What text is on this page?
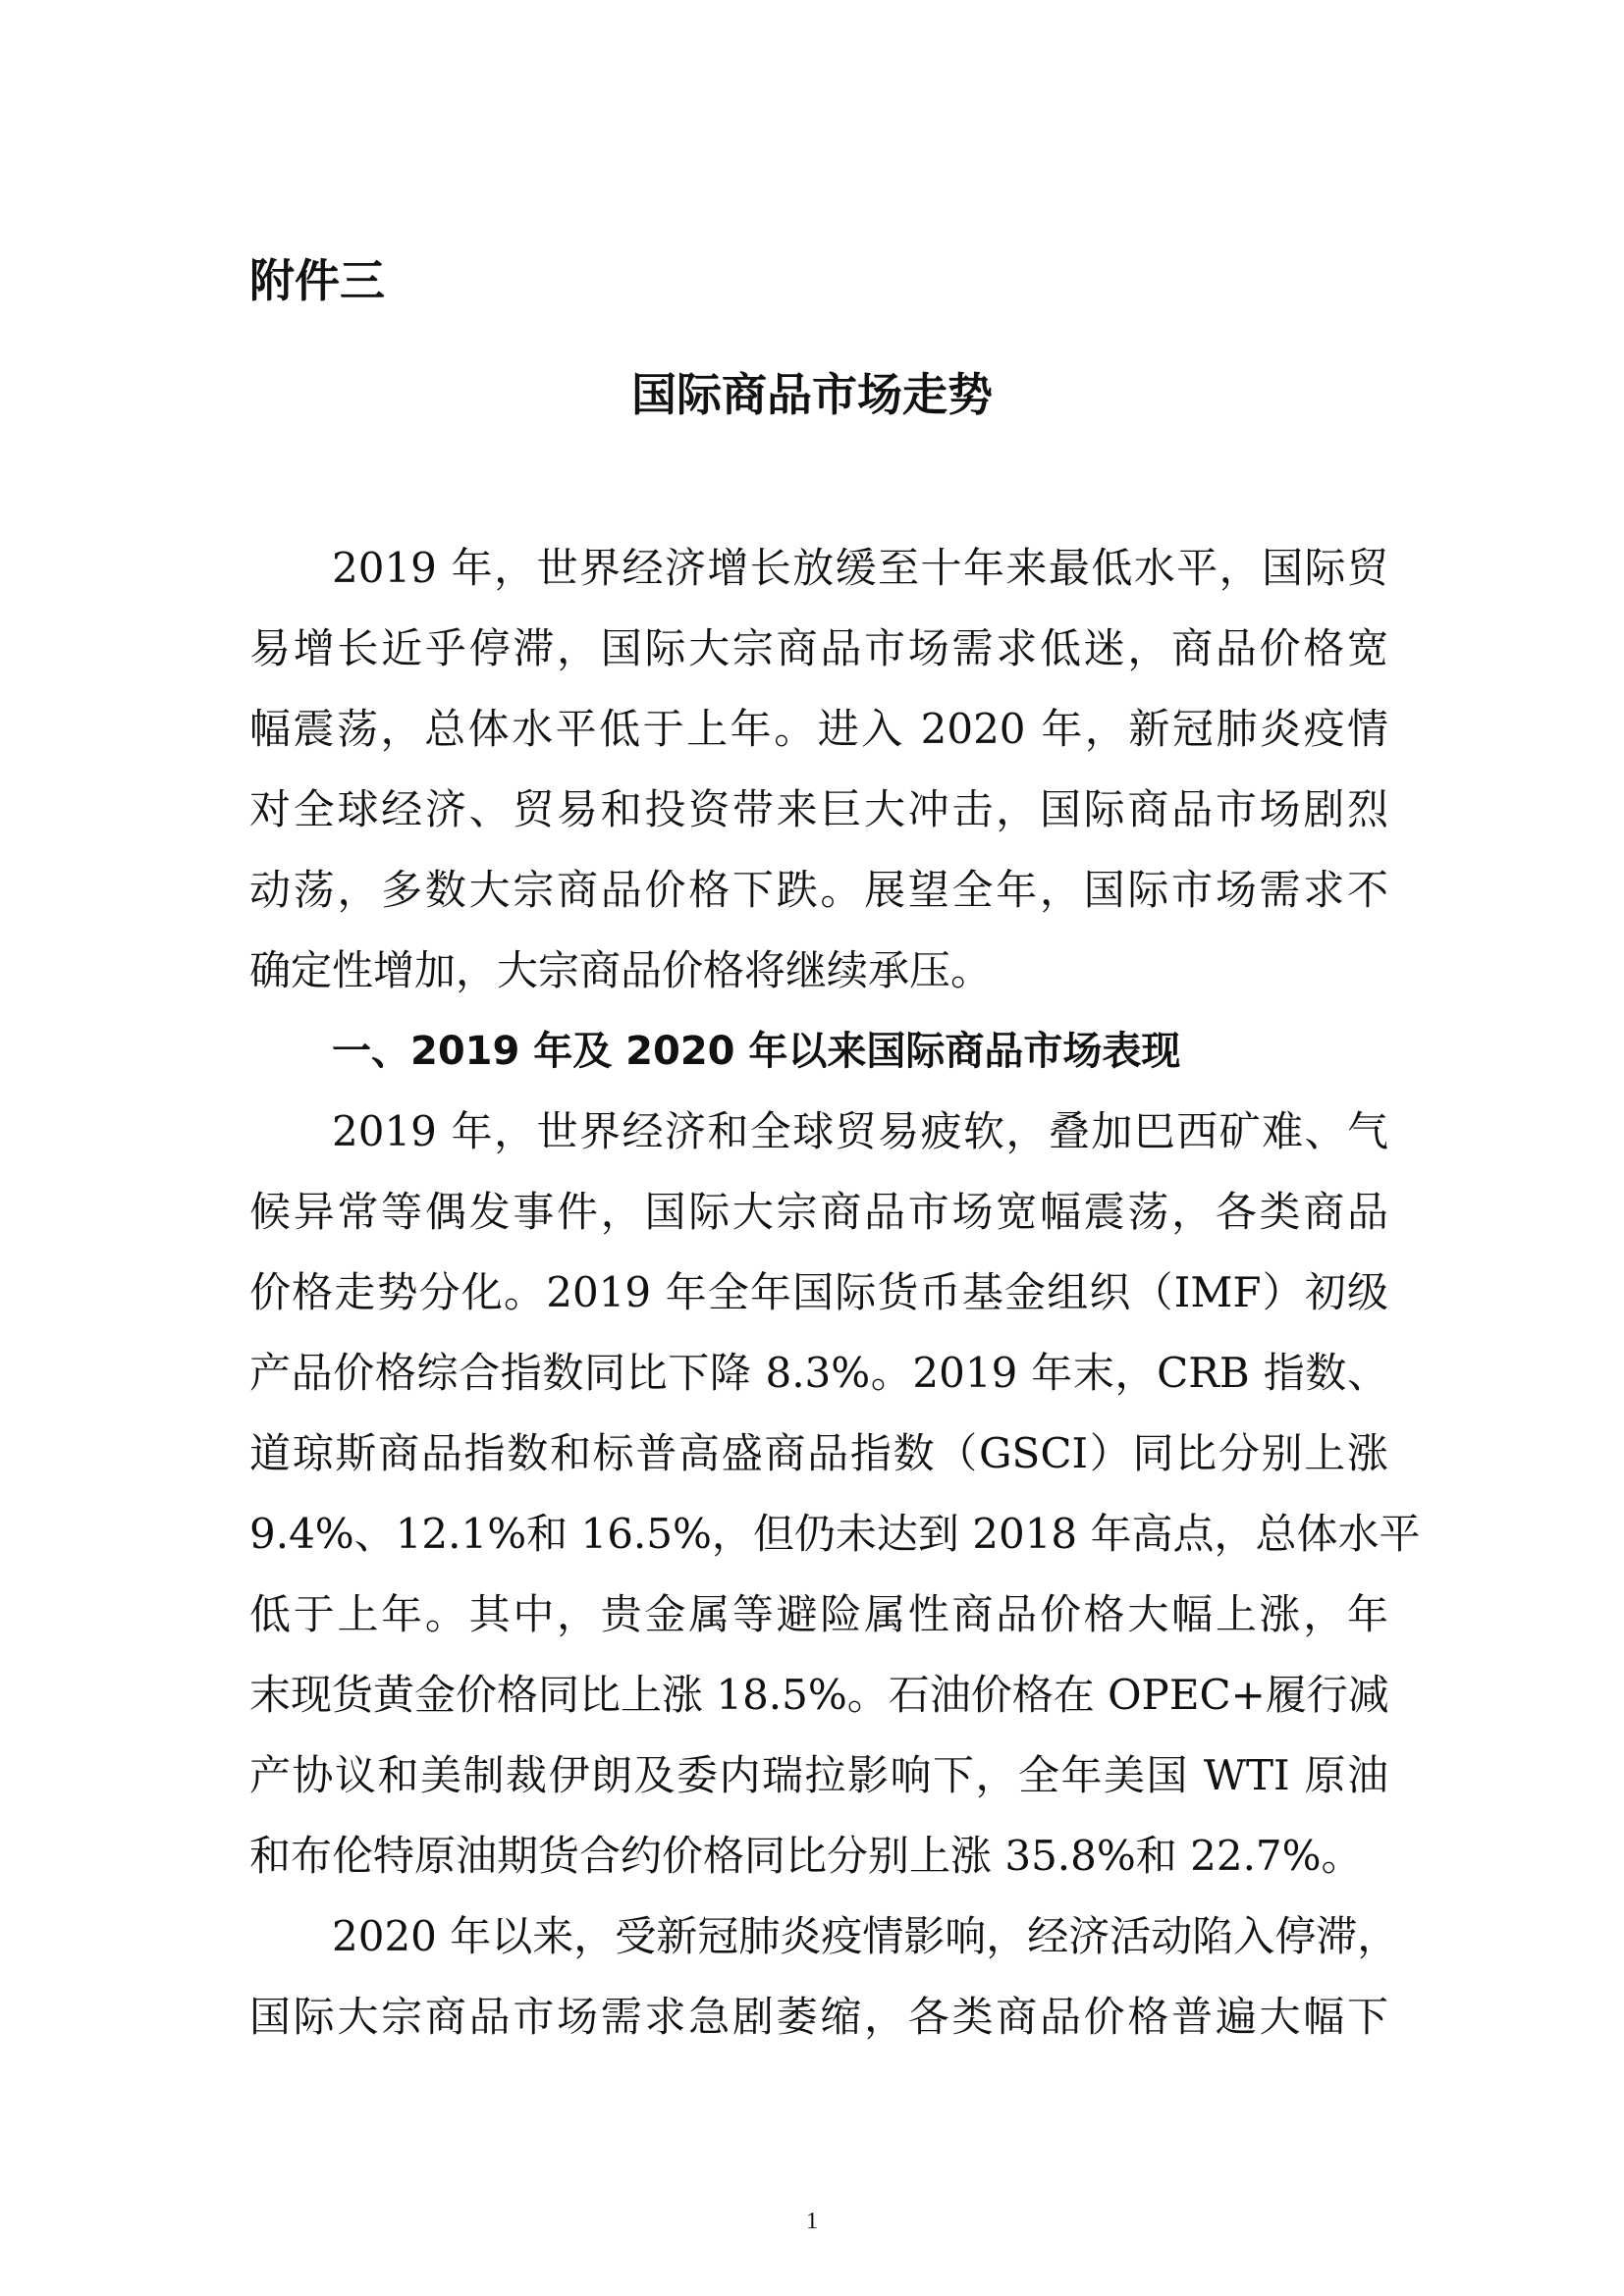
附件三
国际商品市场走势
2019 年，世界经济增长放缓至十年来最低水平，国际贸
易增长近乎停滞，国际大宗商品市场需求低迷，商品价格宽
幅震荡，总体水平低于上年。进入 2020 年，新冠肺炎疫情
对全球经济、贸易和投资带来巨大冲击，国际商品市场剧烈
动荡，多数大宗商品价格下跌。展望全年，国际市场需求不
确定性增加，大宗商品价格将继续承压。
一、2019 年及 2020 年以来国际商品市场表现
2019 年，世界经济和全球贸易疲软，叠加巴西矿难、气
候异常等偶发事件，国际大宗商品市场宽幅震荡，各类商品
价格走势分化。2019 年全年国际货币基金组织（IMF）初级
产品价格综合指数同比下降 8.3%。2019 年末，CRB 指数、
道琼斯商品指数和标普高盛商品指数（GSCI）同比分别上涨
9.4%、12.1%和 16.5%，但仍未达到 2018 年高点，总体水平
低于上年。其中，贵金属等避险属性商品价格大幅上涨，年
末现货黄金价格同比上涨 18.5%。石油价格在 OPEC+履行减
产协议和美制裁伊朗及委内瑞拉影响下，全年美国 WTI 原油
和布伦特原油期货合约价格同比分别上涨 35.8%和 22.7%。
2020 年以来，受新冠肺炎疫情影响，经济活动陷入停滞，
国际大宗商品市场需求急剧萎缩，各类商品价格普遍大幅下

1
